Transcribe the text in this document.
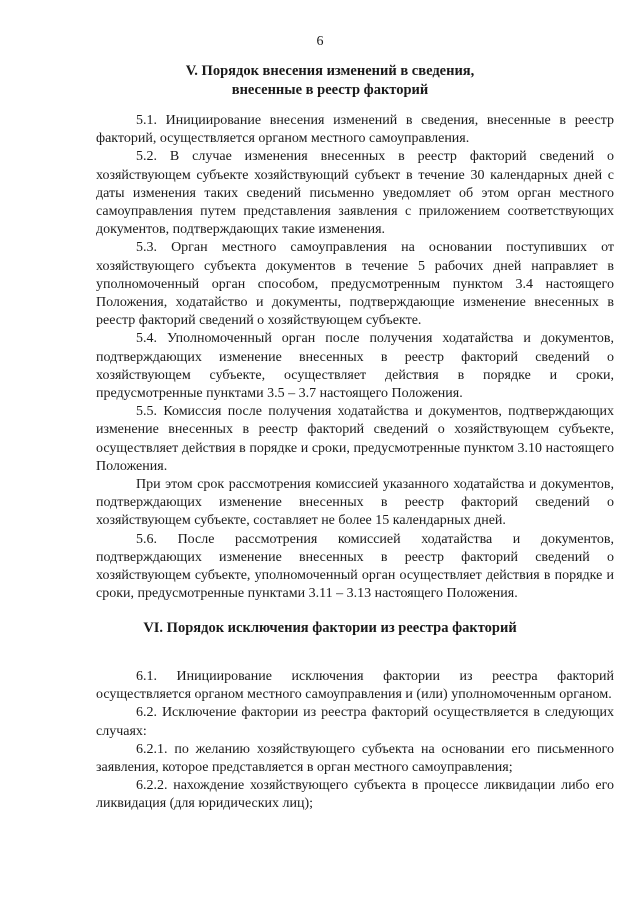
6
V. Порядок внесения изменений в сведения,
внесенные в реестр факторий

5.1. Инициирование внесения изменений в сведения, внесенные в реестр факторий, осуществляется органом местного самоуправления.

5.2. В случае изменения внесенных в реестр факторий сведений о хозяйствующем субъекте хозяйствующий субъект в течение 30 календарных дней с даты изменения таких сведений письменно уведомляет об этом орган местного самоуправления путем представления заявления с приложением соответствующих документов, подтверждающих такие изменения.

5.3. Орган местного самоуправления на основании поступивших от хозяйствующего субъекта документов в течение 5 рабочих дней направляет в уполномоченный орган способом, предусмотренным пунктом 3.4 настоящего Положения, ходатайство и документы, подтверждающие изменение внесенных в реестр факторий сведений о хозяйствующем субъекте.

5.4. Уполномоченный орган после получения ходатайства и документов, подтверждающих изменение внесенных в реестр факторий сведений о хозяйствующем субъекте, осуществляет действия в порядке и сроки, предусмотренные пунктами 3.5 – 3.7 настоящего Положения.

5.5. Комиссия после получения ходатайства и документов, подтверждающих изменение внесенных в реестр факторий сведений о хозяйствующем субъекте, осуществляет действия в порядке и сроки, предусмотренные пунктом 3.10 настоящего Положения.

При этом срок рассмотрения комиссией указанного ходатайства и документов, подтверждающих изменение внесенных в реестр факторий сведений о хозяйствующем субъекте, составляет не более 15 календарных дней.

5.6. После рассмотрения комиссией ходатайства и документов, подтверждающих изменение внесенных в реестр факторий сведений о хозяйствующем субъекте, уполномоченный орган осуществляет действия в порядке и сроки, предусмотренные пунктами 3.11 – 3.13 настоящего Положения.

VI. Порядок исключения фактории из реестра факторий

6.1. Инициирование исключения фактории из реестра факторий осуществляется органом местного самоуправления и (или) уполномоченным органом.

6.2. Исключение фактории из реестра факторий осуществляется в следующих случаях:

6.2.1. по желанию хозяйствующего субъекта на основании его письменного заявления, которое представляется в орган местного самоуправления;

6.2.2. нахождение хозяйствующего субъекта в процессе ликвидации либо его ликвидация (для юридических лиц);
